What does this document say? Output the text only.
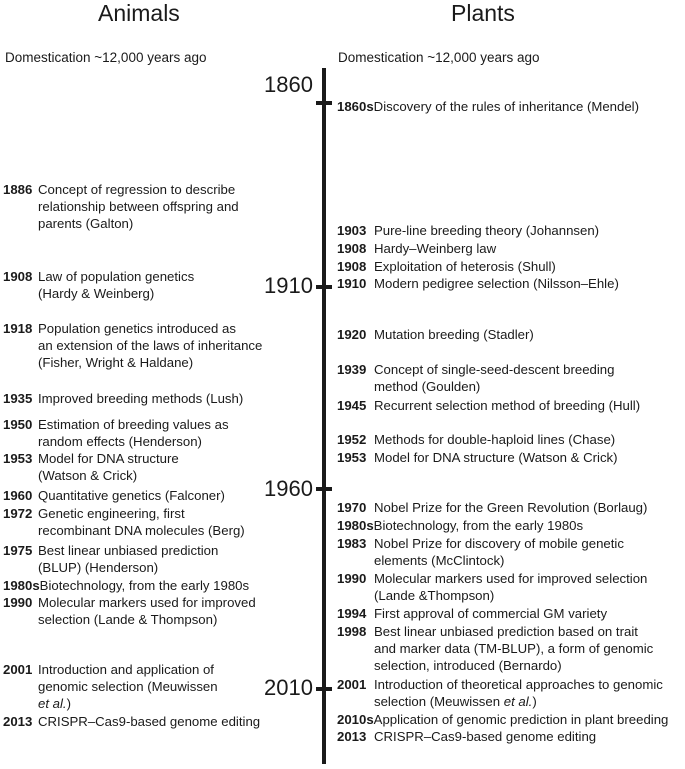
Animals	Plants
Domestication ~12,000 years ago	Domestication ~12,000 years ago
1860
1910
1960
2010
1886 Concept of regression to describe
relationship between offspring and
parents (Galton)
1908 Law of population genetics
(Hardy & Weinberg)
1918 Population genetics introduced as
an extension of the laws of inheritance
(Fisher, Wright & Haldane)
1935 Improved breeding methods (Lush)
1950 Estimation of breeding values as
random effects (Henderson)
1953 Model for DNA structure
(Watson & Crick)
1960 Quantitative genetics (Falconer)
1972 Genetic engineering, first
recombinant DNA molecules (Berg)
1975 Best linear unbiased prediction
(BLUP) (Henderson)
1980s Biotechnology, from the early 1980s
1990 Molecular markers used for improved
selection (Lande & Thompson)
2001 Introduction and application of
genomic selection (Meuwissen
et al.)
2013 CRISPR–Cas9-based genome editing
1860s Discovery of the rules of inheritance (Mendel)
1903 Pure-line breeding theory (Johannsen)
1908 Hardy–Weinberg law
1908 Exploitation of heterosis (Shull)
1910 Modern pedigree selection (Nilsson–Ehle)
1920 Mutation breeding (Stadler)
1939 Concept of single-seed-descent breeding
method (Goulden)
1945 Recurrent selection method of breeding (Hull)
1952 Methods for double-haploid lines (Chase)
1953 Model for DNA structure (Watson & Crick)
1970 Nobel Prize for the Green Revolution (Borlaug)
1980s Biotechnology, from the early 1980s
1983 Nobel Prize for discovery of mobile genetic
elements (McClintock)
1990 Molecular markers used for improved selection
(Lande &Thompson)
1994 First approval of commercial GM variety
1998 Best linear unbiased prediction based on trait
and marker data (TM-BLUP), a form of genomic
selection, introduced (Bernardo)
2001 Introduction of theoretical approaches to genomic
selection (Meuwissen et al.)
2010s Application of genomic prediction in plant breeding
2013 CRISPR–Cas9-based genome editing
